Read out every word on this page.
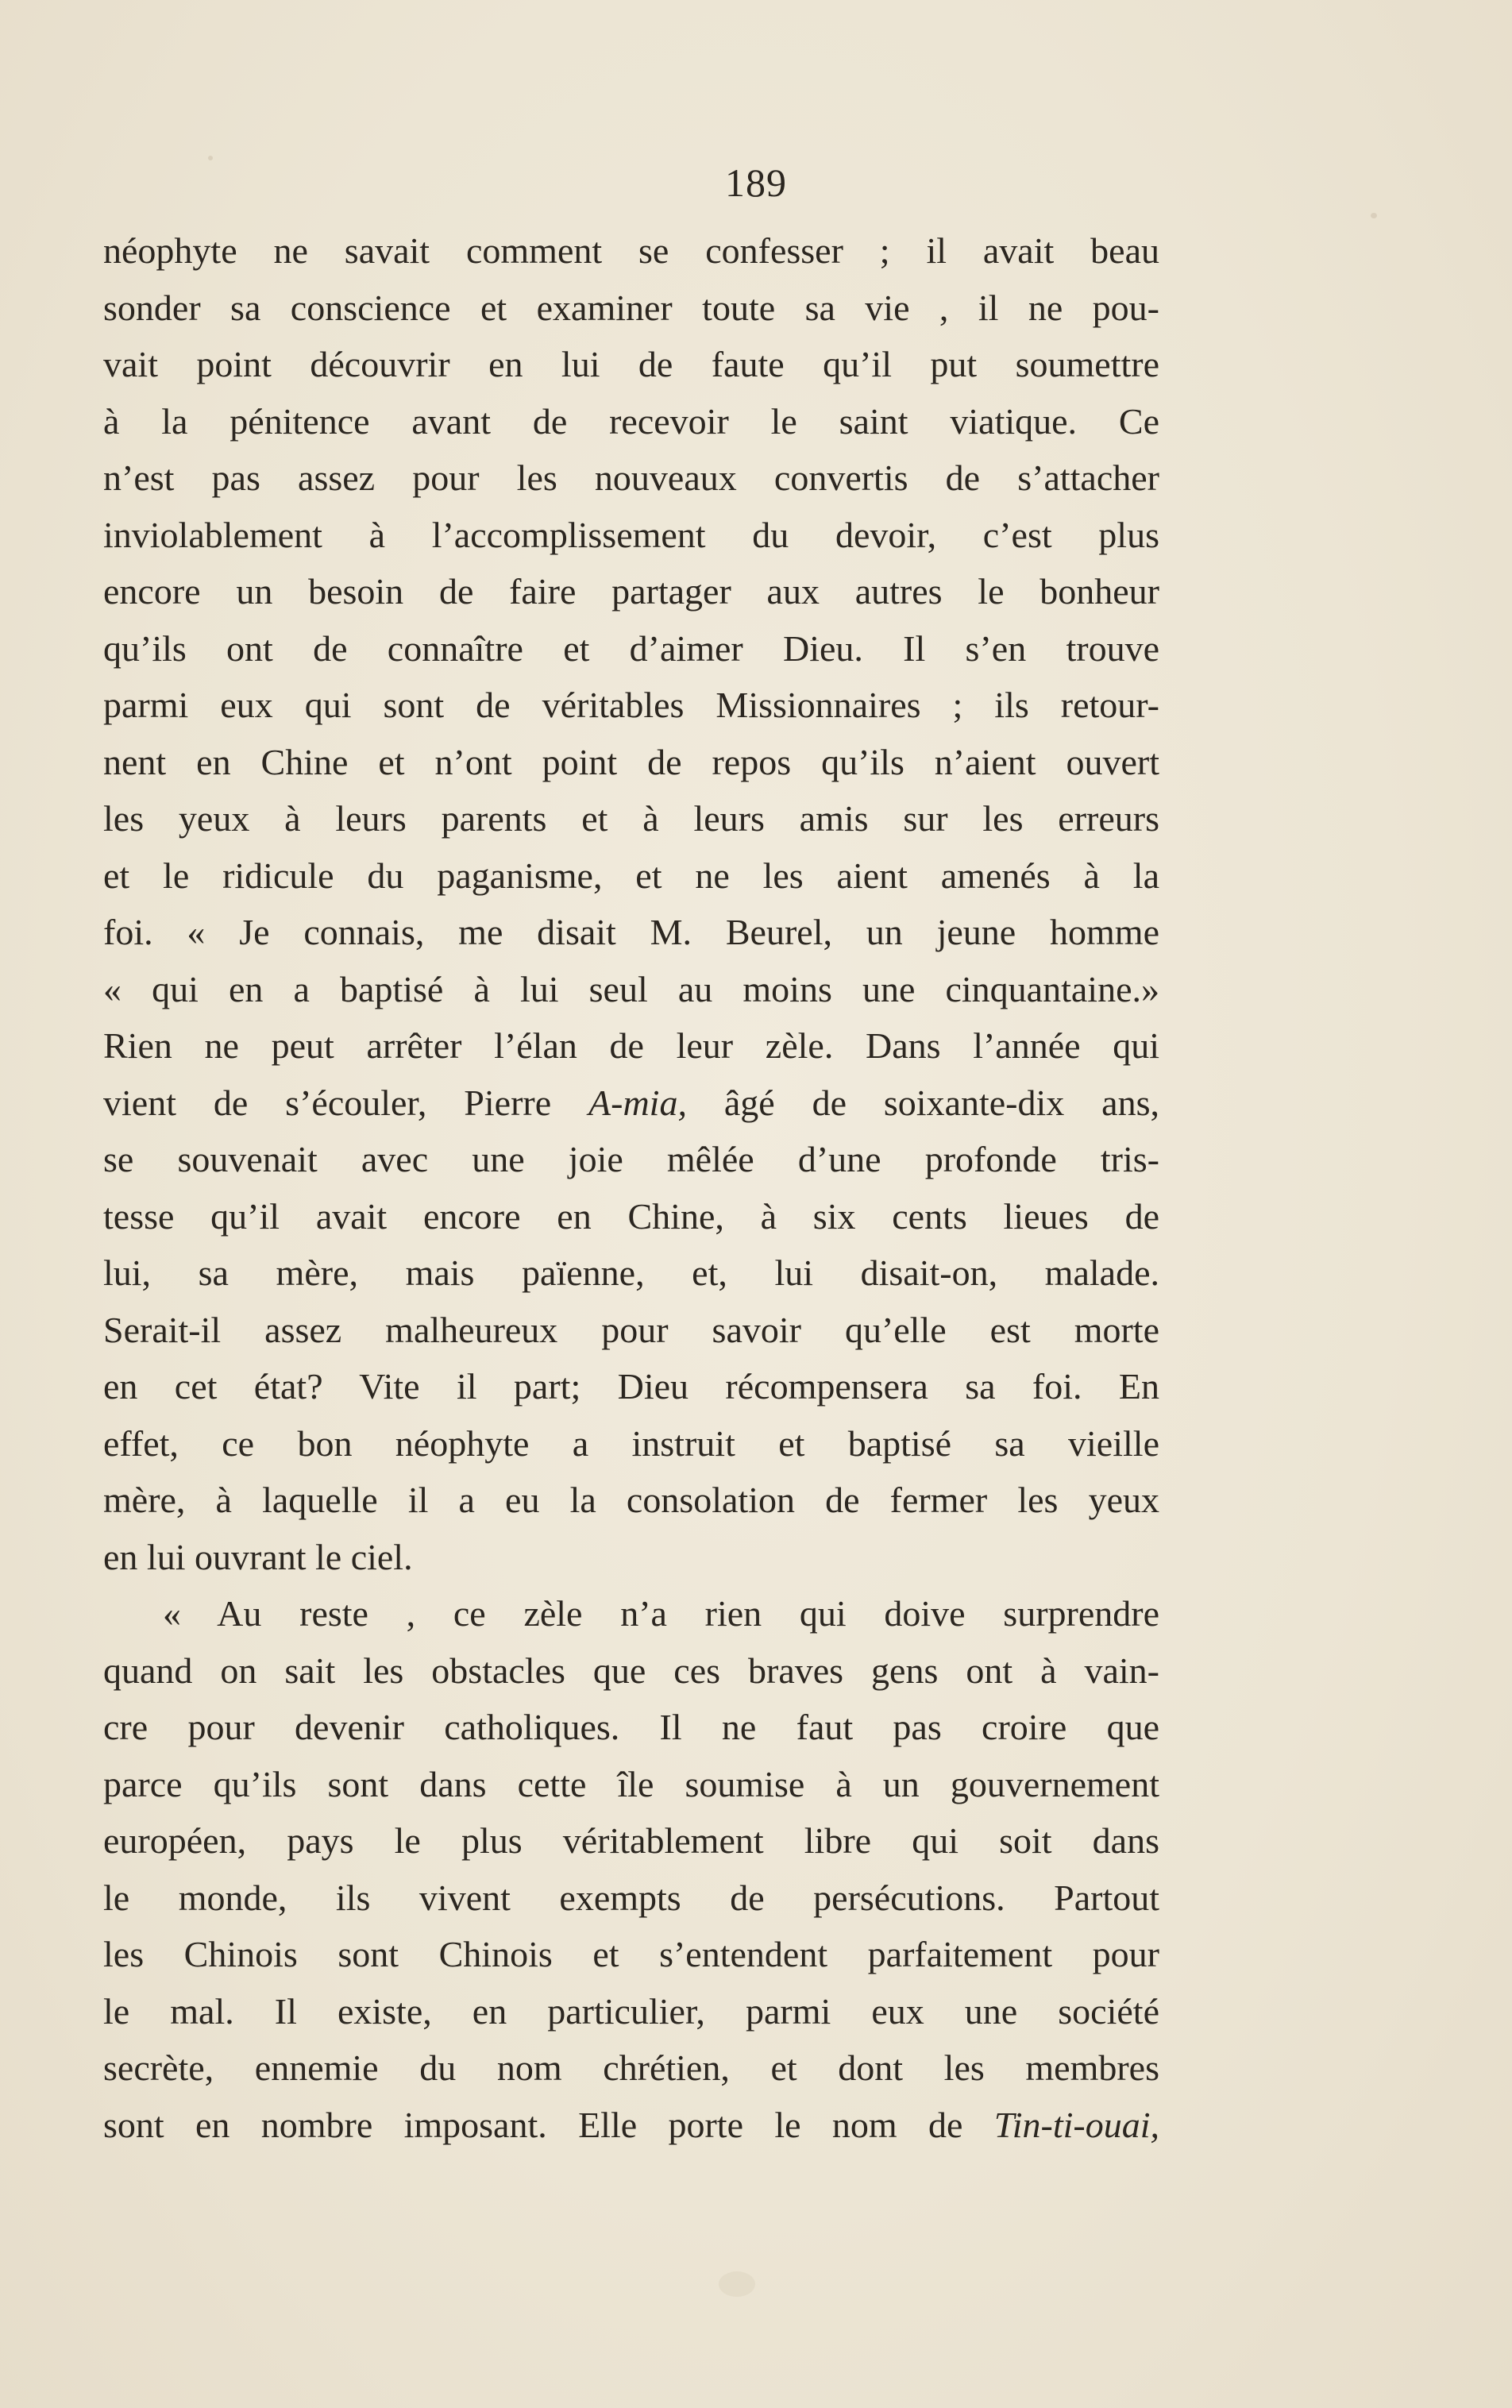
189
néophyte ne savait comment se confesser ; il avait beau
sonder sa conscience et examiner toute sa vie , il ne pou-
vait point découvrir en lui de faute qu’il put soumettre
à la pénitence avant de recevoir le saint viatique. Ce
n’est pas assez pour les nouveaux convertis de s’attacher
inviolablement à l’accomplissement du devoir, c’est plus
encore un besoin de faire partager aux autres le bonheur
qu’ils ont de connaître et d’aimer Dieu. Il s’en trouve
parmi eux qui sont de véritables Missionnaires ; ils retour-
nent en Chine et n’ont point de repos qu’ils n’aient ouvert
les yeux à leurs parents et à leurs amis sur les erreurs
et le ridicule du paganisme, et ne les aient amenés à la
foi. « Je connais, me disait M. Beurel, un jeune homme
« qui en a baptisé à lui seul au moins une cinquantaine.»
Rien ne peut arrêter l’élan de leur zèle. Dans l’année qui
vient de s’écouler, Pierre A-mia, âgé de soixante-dix ans,
se souvenait avec une joie mêlée d’une profonde tris-
tesse qu’il avait encore en Chine, à six cents lieues de
lui, sa mère, mais païenne, et, lui disait-on, malade.
Serait-il assez malheureux pour savoir qu’elle est morte
en cet état? Vite il part; Dieu récompensera sa foi. En
effet, ce bon néophyte a instruit et baptisé sa vieille
mère, à laquelle il a eu la consolation de fermer les yeux
en lui ouvrant le ciel.
« Au reste , ce zèle n’a rien qui doive surprendre
quand on sait les obstacles que ces braves gens ont à vain-
cre pour devenir catholiques. Il ne faut pas croire que
parce qu’ils sont dans cette île soumise à un gouvernement
européen, pays le plus véritablement libre qui soit dans
le monde, ils vivent exempts de persécutions. Partout
les Chinois sont Chinois et s’entendent parfaitement pour
le mal. Il existe, en particulier, parmi eux une société
secrète, ennemie du nom chrétien, et dont les membres
sont en nombre imposant. Elle porte le nom de Tin-ti-ouai,
